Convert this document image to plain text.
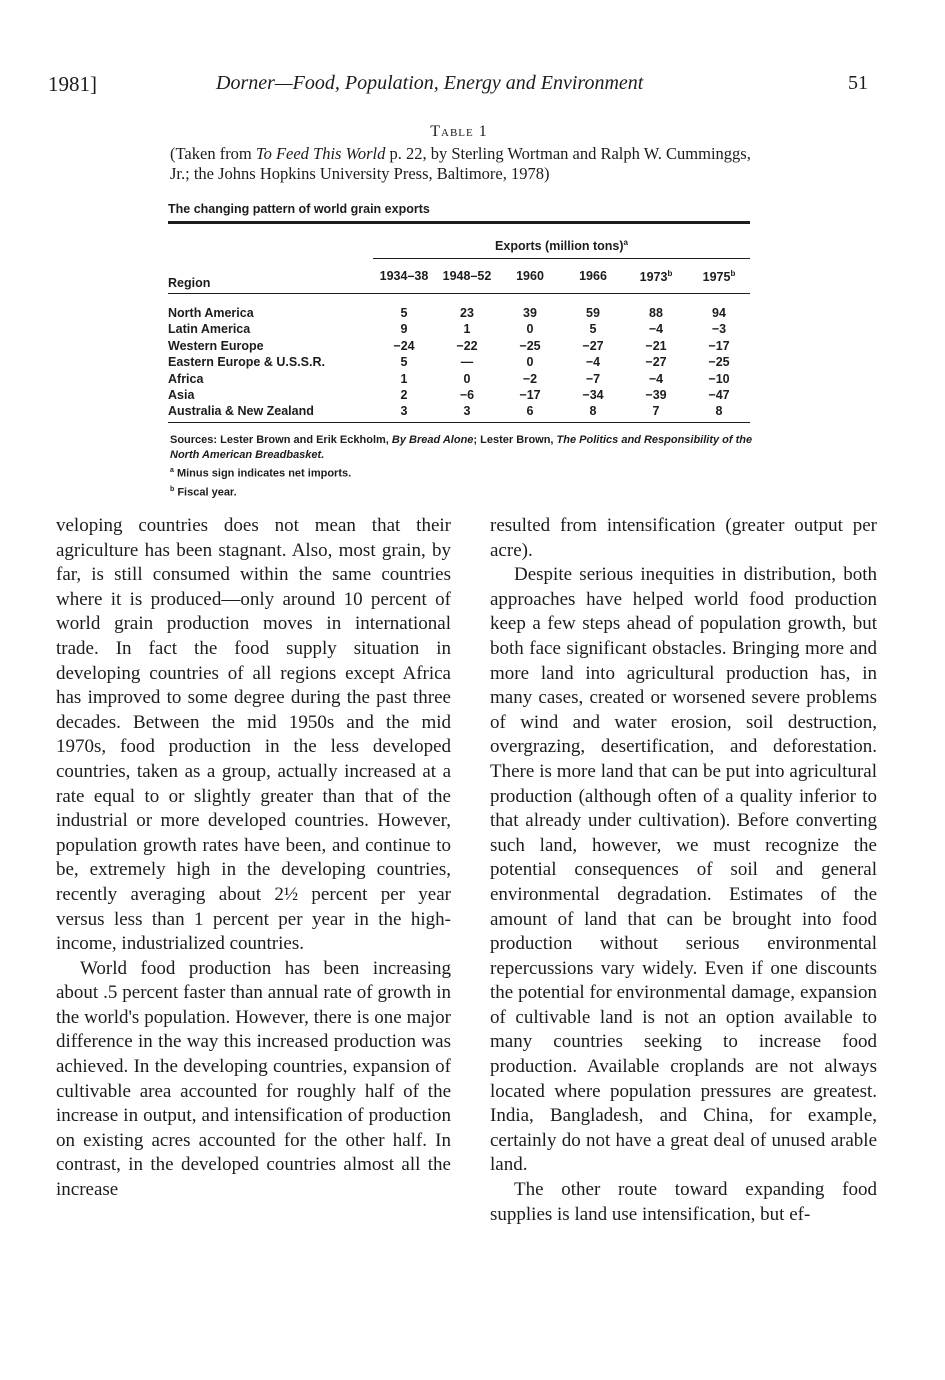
1981]	Dorner—Food, Population, Energy and Environment	51
Table 1
(Taken from To Feed This World p. 22, by Sterling Wortman and Ralph W. Cumminggs, Jr.; the Johns Hopkins University Press, Baltimore, 1978)
The changing pattern of world grain exports
Exports (million tons)$^a$
Region	1934–38	1948–52	1960	1966	1973$^b$	1975$^b$
North America	5	23	39	59	88	94
Latin America	9	1	0	5	−4	−3
Western Europe	−24	−22	−25	−27	−21	−17
Eastern Europe & U.S.S.R.	5	—	0	−4	−27	−25
Africa	1	0	−2	−7	−4	−10
Asia	2	−6	−17	−34	−39	−47
Australia & New Zealand	3	3	6	8	7	8
Sources: Lester Brown and Erik Eckholm, By Bread Alone; Lester Brown, The Politics and Responsibility of the North American Breadbasket.
$^a$ Minus sign indicates net imports.
$^b$ Fiscal year.

veloping countries does not mean that their agriculture has been stagnant. Also, most grain, by far, is still consumed within the same countries where it is produced—only around 10 percent of world grain production moves in international trade. In fact the food supply situation in developing countries of all regions except Africa has improved to some degree during the past three decades. Between the mid 1950s and the mid 1970s, food production in the less developed countries, taken as a group, actually increased at a rate equal to or slightly greater than that of the industrial or more developed countries. However, population growth rates have been, and continue to be, extremely high in the developing countries, recently averaging about 2½ percent per year versus less than 1 percent per year in the high-income, industrialized countries.

World food production has been increasing about .5 percent faster than annual rate of growth in the world's population. However, there is one major difference in the way this increased production was achieved. In the developing countries, expansion of cultivable area accounted for roughly half of the increase in output, and intensification of production on existing acres accounted for the other half. In contrast, in the developed countries almost all the increase

resulted from intensification (greater output per acre).

Despite serious inequities in distribution, both approaches have helped world food production keep a few steps ahead of population growth, but both face significant obstacles. Bringing more and more land into agricultural production has, in many cases, created or worsened severe problems of wind and water erosion, soil destruction, overgrazing, desertification, and deforestation. There is more land that can be put into agricultural production (although often of a quality inferior to that already under cultivation). Before converting such land, however, we must recognize the potential consequences of soil and general environmental degradation. Estimates of the amount of land that can be brought into food production without serious environmental repercussions vary widely. Even if one discounts the potential for environmental damage, expansion of cultivable land is not an option available to many countries seeking to increase food production. Available croplands are not always located where population pressures are greatest. India, Bangladesh, and China, for example, certainly do not have a great deal of unused arable land.

The other route toward expanding food supplies is land use intensification, but ef-
